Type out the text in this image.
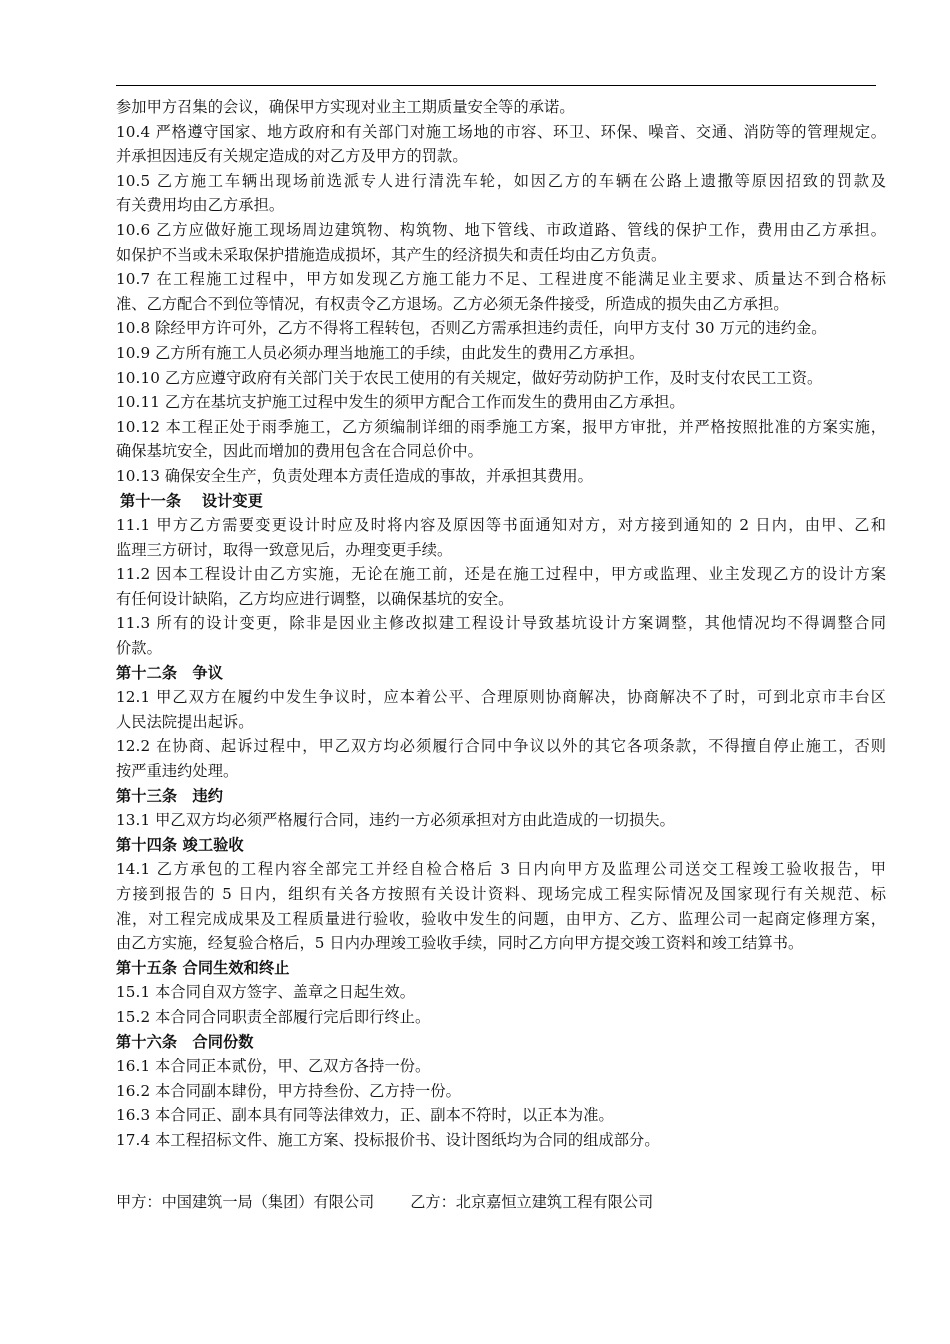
参加甲方召集的会议，确保甲方实现对业主工期质量安全等的承诺。
10.4 严格遵守国家、地方政府和有关部门对施工场地的市容、环卫、环保、噪音、交通、消防等的管理规定。
并承担因违反有关规定造成的对乙方及甲方的罚款。
10.5 乙方施工车辆出现场前选派专人进行清洗车轮，如因乙方的车辆在公路上遗撒等原因招致的罚款及
有关费用均由乙方承担。
10.6 乙方应做好施工现场周边建筑物、构筑物、地下管线、市政道路、管线的保护工作，费用由乙方承担。
如保护不当或未采取保护措施造成损坏，其产生的经济损失和责任均由乙方负责。
10.7 在工程施工过程中，甲方如发现乙方施工能力不足、工程进度不能满足业主要求、质量达不到合格标
准、乙方配合不到位等情况，有权责令乙方退场。乙方必须无条件接受，所造成的损失由乙方承担。
10.8 除经甲方许可外，乙方不得将工程转包，否则乙方需承担违约责任，向甲方支付 30 万元的违约金。
10.9 乙方所有施工人员必须办理当地施工的手续，由此发生的费用乙方承担。
10.10 乙方应遵守政府有关部门关于农民工使用的有关规定，做好劳动防护工作，及时支付农民工工资。
10.11 乙方在基坑支护施工过程中发生的须甲方配合工作而发生的费用由乙方承担。
10.12 本工程正处于雨季施工，乙方须编制详细的雨季施工方案，报甲方审批，并严格按照批准的方案实施，
确保基坑安全，因此而增加的费用包含在合同总价中。
10.13 确保安全生产，负责处理本方责任造成的事故，并承担其费用。
第十一条　 设计变更
11.1 甲方乙方需要变更设计时应及时将内容及原因等书面通知对方，对方接到通知的 2 日内，由甲、乙和
监理三方研讨，取得一致意见后，办理变更手续。
11.2 因本工程设计由乙方实施，无论在施工前，还是在施工过程中，甲方或监理、业主发现乙方的设计方案
有任何设计缺陷，乙方均应进行调整，以确保基坑的安全。
11.3 所有的设计变更，除非是因业主修改拟建工程设计导致基坑设计方案调整，其他情况均不得调整合同
价款。
第十二条　争议
12.1 甲乙双方在履约中发生争议时，应本着公平、合理原则协商解决，协商解决不了时，可到北京市丰台区
人民法院提出起诉。
12.2 在协商、起诉过程中，甲乙双方均必须履行合同中争议以外的其它各项条款，不得擅自停止施工，否则
按严重违约处理。
第十三条　违约
13.1 甲乙双方均必须严格履行合同，违约一方必须承担对方由此造成的一切损失。
第十四条 竣工验收
14.1 乙方承包的工程内容全部完工并经自检合格后 3 日内向甲方及监理公司送交工程竣工验收报告，甲
方接到报告的 5 日内，组织有关各方按照有关设计资料、现场完成工程实际情况及国家现行有关规范、标
准，对工程完成成果及工程质量进行验收，验收中发生的问题，由甲方、乙方、监理公司一起商定修理方案，
由乙方实施，经复验合格后，5 日内办理竣工验收手续，同时乙方向甲方提交竣工资料和竣工结算书。
第十五条 合同生效和终止
15.1 本合同自双方签字、盖章之日起生效。
15.2 本合同合同职责全部履行完后即行终止。
第十六条　合同份数
16.1 本合同正本贰份，甲、乙双方各持一份。
16.2 本合同副本肆份，甲方持叁份、乙方持一份。
16.3 本合同正、副本具有同等法律效力，正、副本不符时，以正本为准。
17.4 本工程招标文件、施工方案、投标报价书、设计图纸均为合同的组成部分。
甲方：中国建筑一局（集团）有限公司 乙方：北京嘉恒立建筑工程有限公司
